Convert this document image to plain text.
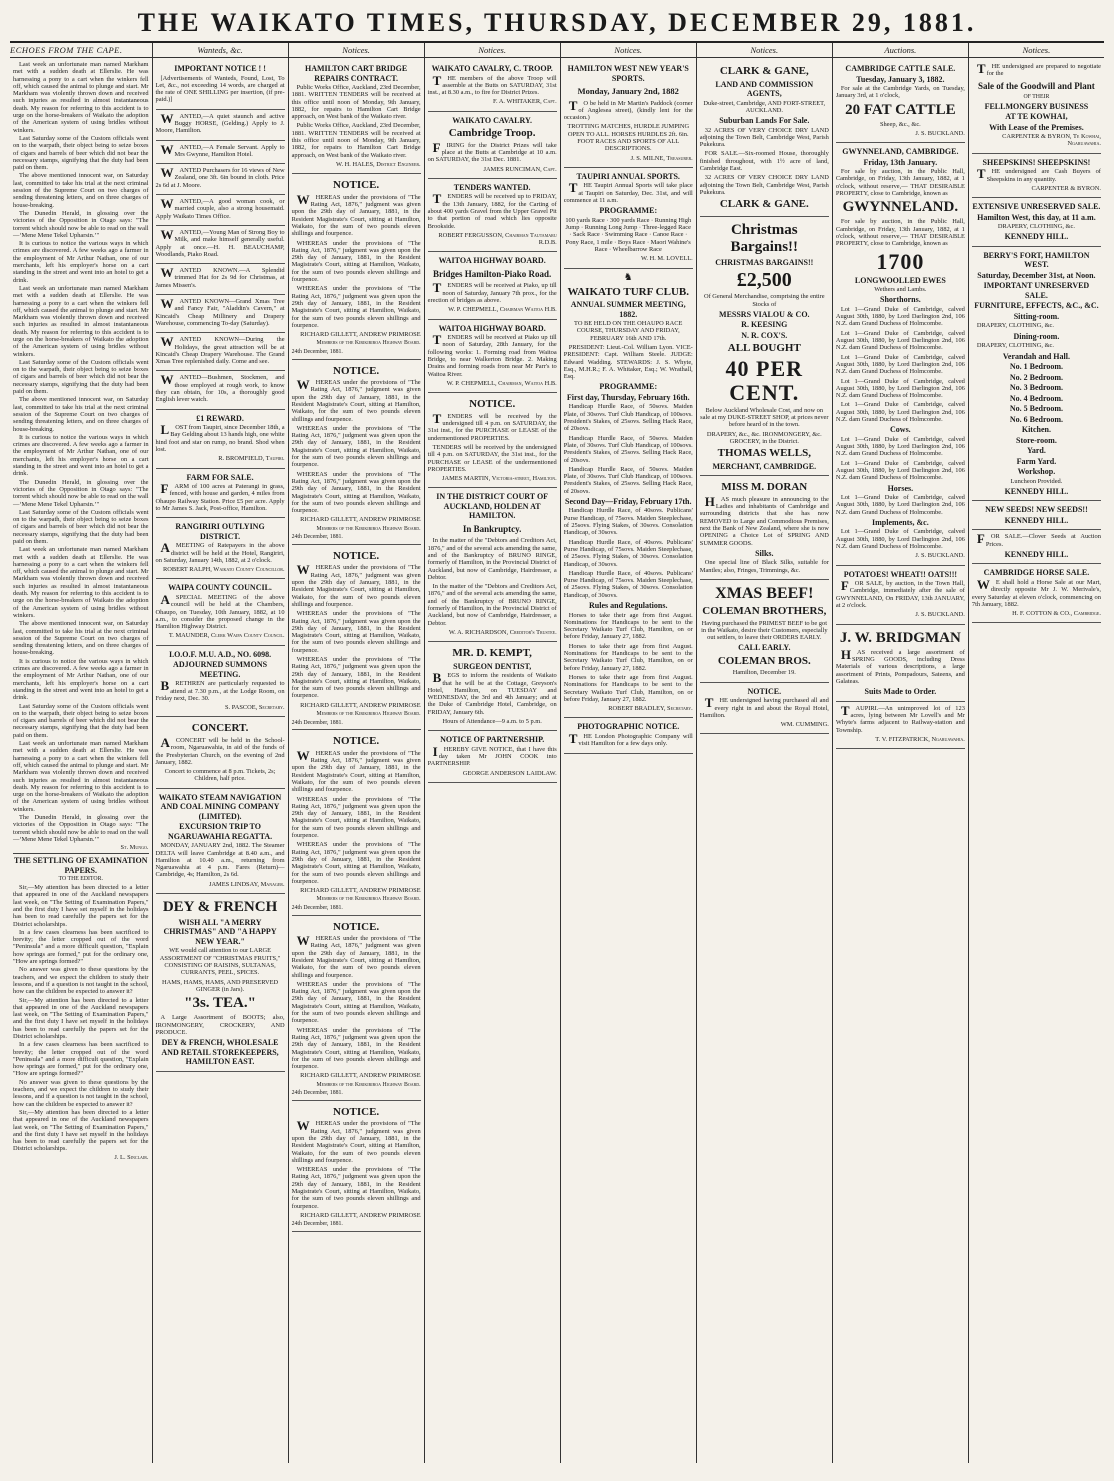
THE WAIKATO TIMES, THURSDAY, DECEMBER 29, 1881.
ECHOES FROM THE CAPE.

Last week an unfortunate man named Markham met with a sudden death at Ellerslie. He was harnessing a pony to a cart when the winkers fell off, which caused the animal to plunge and start. Mr Markham was violently thrown down and received such injuries as resulted in almost instantaneous death. My reason for referring to this accident is to urge on the horse-breakers of Waikato the adoption of the American system of using bridles without winkers.

Last Saturday some of the Custom officials went on to the warpath, their object being to seize boxes of cigars and barrels of beer which did not bear the necessary stamps, signifying that the duty had been paid on them.

The above mentioned innocent war, on Saturday last, committed to take his trial at the next criminal session of the Supreme Court on two charges of sending threatening letters, and on three charges of house-breaking.

The Dunedin Herald, in glossing over the victories of the Opposition in Otago says: "The torrent which should now be able to read on the wall—‘Mene Mene Tekel Upharsin.’"

It is curious to notice the various ways in which crimes are discovered. A few weeks ago a farmer in the employment of Mr Arthur Nathan, one of our merchants, left his employer's horse on a cart standing in the street and went into an hotel to get a drink.

Last week an unfortunate man named Markham met with a sudden death at Ellerslie. He was harnessing a pony to a cart when the winkers fell off, which caused the animal to plunge and start. Mr Markham was violently thrown down and received such injuries as resulted in almost instantaneous death. My reason for referring to this accident is to urge on the horse-breakers of Waikato the adoption of the American system of using bridles without winkers.

Last Saturday some of the Custom officials went on to the warpath, their object being to seize boxes of cigars and barrels of beer which did not bear the necessary stamps, signifying that the duty had been paid on them.

The above mentioned innocent war, on Saturday last, committed to take his trial at the next criminal session of the Supreme Court on two charges of sending threatening letters, and on three charges of house-breaking.

It is curious to notice the various ways in which crimes are discovered. A few weeks ago a farmer in the employment of Mr Arthur Nathan, one of our merchants, left his employer's horse on a cart standing in the street and went into an hotel to get a drink.

The Dunedin Herald, in glossing over the victories of the Opposition in Otago says: "The torrent which should now be able to read on the wall—‘Mene Mene Tekel Upharsin.’"

Last Saturday some of the Custom officials went on to the warpath, their object being to seize boxes of cigars and barrels of beer which did not bear the necessary stamps, signifying that the duty had been paid on them.

Last week an unfortunate man named Markham met with a sudden death at Ellerslie. He was harnessing a pony to a cart when the winkers fell off, which caused the animal to plunge and start. Mr Markham was violently thrown down and received such injuries as resulted in almost instantaneous death. My reason for referring to this accident is to urge on the horse-breakers of Waikato the adoption of the American system of using bridles without winkers.

The above mentioned innocent war, on Saturday last, committed to take his trial at the next criminal session of the Supreme Court on two charges of sending threatening letters, and on three charges of house-breaking.

It is curious to notice the various ways in which crimes are discovered. A few weeks ago a farmer in the employment of Mr Arthur Nathan, one of our merchants, left his employer's horse on a cart standing in the street and went into an hotel to get a drink.

Last Saturday some of the Custom officials went on to the warpath, their object being to seize boxes of cigars and barrels of beer which did not bear the necessary stamps, signifying that the duty had been paid on them.

Last week an unfortunate man named Markham met with a sudden death at Ellerslie. He was harnessing a pony to a cart when the winkers fell off, which caused the animal to plunge and start. Mr Markham was violently thrown down and received such injuries as resulted in almost instantaneous death. My reason for referring to this accident is to urge on the horse-breakers of Waikato the adoption of the American system of using bridles without winkers.

The Dunedin Herald, in glossing over the victories of the Opposition in Otago says: "The torrent which should now be able to read on the wall—‘Mene Mene Tekel Upharsin.’"

St. Mungo.
THE SETTLING OF EXAMINATION PAPERS.
TO THE EDITOR.

Sir,—My attention has been directed to a letter that appeared in one of the Auckland newspapers last week, on "The Setting of Examination Papers," and the first duty I have set myself in the holidays has been to read carefully the papers set for the District scholarships.

In a few cases clearness has been sacrificed to brevity; the letter cropped out of the word "Peninsula" and a more difficult question, "Explain how springs are formed," put for the ordinary one, "How are springs formed?"

No answer was given to these questions by the teachers, and we expect the children to study their lessons, and if a question is not taught in the school, how can the children be expected to answer it?

Sir,—My attention has been directed to a letter that appeared in one of the Auckland newspapers last week, on "The Setting of Examination Papers," and the first duty I have set myself in the holidays has been to read carefully the papers set for the District scholarships.

In a few cases clearness has been sacrificed to brevity; the letter cropped out of the word "Peninsula" and a more difficult question, "Explain how springs are formed," put for the ordinary one, "How are springs formed?"

No answer was given to these questions by the teachers, and we expect the children to study their lessons, and if a question is not taught in the school, how can the children be expected to answer it?

Sir,—My attention has been directed to a letter that appeared in one of the Auckland newspapers last week, on "The Setting of Examination Papers," and the first duty I have set myself in the holidays has been to read carefully the papers set for the District scholarships.

J. L. Sinclair.
Wanteds, &c.
IMPORTANT NOTICE ! !

[Advertisements of Wanteds, Found, Lost, To Let, &c., not exceeding 14 words, are charged at the rate of ONE SHILLING per insertion, (if pre-paid.)]

WANTED,—A quiet staunch and active Buggy HORSE, (Gelding.) Apply to J. Moore, Hamilton.

WANTED,—A Female Servant. Apply to Mrs Gwynne, Hamilton Hotel.

WANTED Purchasers for 16 views of New Zealand, one 3ft. 6in bound in cloth. Price 2s 6d at J. Moore.

WANTED,—A good woman cook, or married couple, also a strong housemaid. Apply Waikato Times Office.

WANTED,—Young Man of Strong Boy to Milk, and make himself generally useful. Apply at once.—H. H. BEAUCHAMP, Woodlands, Piako Road.

WANTED KNOWN.—A Splendid trimmed Hat for 2s 9d for Christmas, at James Missen's.

WANTED KNOWN—Grand Xmas Tree and Fancy Fair, "Aladdin's Cavern," at Kincaid's Cheap Millinery and Drapery Warehouse, commencing To-day (Saturday).

WANTED KNOWN—During the Holidays, the great attraction will be at Kincaid's Cheap Drapery Warehouse. The Grand Xmas Tree replenished daily. Come and see.

WANTED—Bushmen, Stockmen, and those employed at rough work, to know they can obtain, for 10s, a thoroughly good English lever watch.

£1 REWARD.

LOST from Taupiri, since December 18th, a Bay Gelding about 13 hands high, one white hind foot and star on rump, no brand. Shod when lost.

R. BROMFIELD, Taupiri.
FARM FOR SALE.

FARM of 100 acres at Paterangi in grass, fenced, with house and garden, 4 miles from Ohaupo Railway Station. Price £5 per acre. Apply to Mr James S. Jack, Post-office, Hamilton.

RANGIRIRI OUTLYING DISTRICT.

AMEETING of Ratepayers in the above district will be held at the Hotel, Rangiriri, on Saturday, January 14th, 1882, at 2 o'clock.

ROBERT RALPH, Waikato County Councillor.
WAIPA COUNTY COUNCIL.

ASPECIAL MEETING of the above council will be held at the Chambers, Ohaupo, on Tuesday, 10th January, 1882, at 10 a.m., to consider the proposed change in the Hamilton Highway District.

T. MAUNDER, Clerk Waipa County Council.
I.O.O.F. M.U. A.D., NO. 6098.
ADJOURNED SUMMONS MEETING.

BRETHREN are particularly requested to attend at 7.30 p.m., at the Lodge Room, on Friday next, Dec. 30.

S. PASCOE, Secretary.
CONCERT.

ACONCERT will be held in the School-room, Ngaruawahia, in aid of the funds of the Presbyterian Church, on the evening of 2nd January, 1882.

Concert to commence at 8 p.m. Tickets, 2s; Children, half price.

WAIKATO STEAM NAVIGATION AND COAL MINING COMPANY (LIMITED).
EXCURSION TRIP TO NGARUAWAHIA REGATTA.

MONDAY, JANUARY 2nd, 1882. The Steamer DELTA will leave Cambridge at 8.40 a.m., and Hamilton at 10.40 a.m., returning from Ngaruawahia at 4 p.m. Fares (Return)—Cambridge, 4s; Hamilton, 2s 6d.

JAMES LINDSAY, Manager.
DEY & FRENCH
WISH ALL "A MERRY CHRISTMAS" AND "A HAPPY NEW YEAR."

WE would call attention to our LARGE ASSORTMENT OF "CHRISTMAS FRUITS," CONSISTING OF RAISINS, SULTANAS, CURRANTS, PEEL, SPICES.

HAMS, HAMS, HAMS, AND PRESERVED GINGER (in Jars).

"3s. TEA."

A Large Assortment of BOOTS; also, IRONMONGERY, CROCKERY, AND PRODUCE.

DEY & FRENCH, WHOLESALE AND RETAIL STOREKEEPERS, HAMILTON EAST.
Notices.
HAMILTON CART BRIDGE REPAIRS CONTRACT.

Public Works Office, Auckland, 23rd December, 1881. WRITTEN TENDERS will be received at this office until noon of Monday, 9th January, 1882, for repairs to Hamilton Cart Bridge approach, on West bank of the Waikato river.

Public Works Office, Auckland, 23rd December, 1881. WRITTEN TENDERS will be received at this office until noon of Monday, 9th January, 1882, for repairs to Hamilton Cart Bridge approach, on West bank of the Waikato river.

W. H. HALES, District Engineer.
NOTICE.

WHEREAS under the provisions of "The Rating Act, 1876," judgment was given upon the 29th day of January, 1881, in the Resident Magistrate's Court, sitting at Hamilton, Waikato, for the sum of two pounds eleven shillings and fourpence.

WHEREAS under the provisions of "The Rating Act, 1876," judgment was given upon the 29th day of January, 1881, in the Resident Magistrate's Court, sitting at Hamilton, Waikato, for the sum of two pounds eleven shillings and fourpence.

WHEREAS under the provisions of "The Rating Act, 1876," judgment was given upon the 29th day of January, 1881, in the Resident Magistrate's Court, sitting at Hamilton, Waikato, for the sum of two pounds eleven shillings and fourpence.

RICHARD GILLETT, ANDREW PRIMROSE
Members of the Kirikiriroa Highway Board.
24th December, 1881.
NOTICE.

WHEREAS under the provisions of "The Rating Act, 1876," judgment was given upon the 29th day of January, 1881, in the Resident Magistrate's Court, sitting at Hamilton, Waikato, for the sum of two pounds eleven shillings and fourpence.

WHEREAS under the provisions of "The Rating Act, 1876," judgment was given upon the 29th day of January, 1881, in the Resident Magistrate's Court, sitting at Hamilton, Waikato, for the sum of two pounds eleven shillings and fourpence.

WHEREAS under the provisions of "The Rating Act, 1876," judgment was given upon the 29th day of January, 1881, in the Resident Magistrate's Court, sitting at Hamilton, Waikato, for the sum of two pounds eleven shillings and fourpence.

RICHARD GILLETT, ANDREW PRIMROSE
Members of the Kirikiriroa Highway Board.
24th December, 1881.
NOTICE.

WHEREAS under the provisions of "The Rating Act, 1876," judgment was given upon the 29th day of January, 1881, in the Resident Magistrate's Court, sitting at Hamilton, Waikato, for the sum of two pounds eleven shillings and fourpence.

WHEREAS under the provisions of "The Rating Act, 1876," judgment was given upon the 29th day of January, 1881, in the Resident Magistrate's Court, sitting at Hamilton, Waikato, for the sum of two pounds eleven shillings and fourpence.

WHEREAS under the provisions of "The Rating Act, 1876," judgment was given upon the 29th day of January, 1881, in the Resident Magistrate's Court, sitting at Hamilton, Waikato, for the sum of two pounds eleven shillings and fourpence.

RICHARD GILLETT, ANDREW PRIMROSE
Members of the Kirikiriroa Highway Board.
24th December, 1881.
NOTICE.

WHEREAS under the provisions of "The Rating Act, 1876," judgment was given upon the 29th day of January, 1881, in the Resident Magistrate's Court, sitting at Hamilton, Waikato, for the sum of two pounds eleven shillings and fourpence.

WHEREAS under the provisions of "The Rating Act, 1876," judgment was given upon the 29th day of January, 1881, in the Resident Magistrate's Court, sitting at Hamilton, Waikato, for the sum of two pounds eleven shillings and fourpence.

WHEREAS under the provisions of "The Rating Act, 1876," judgment was given upon the 29th day of January, 1881, in the Resident Magistrate's Court, sitting at Hamilton, Waikato, for the sum of two pounds eleven shillings and fourpence.

RICHARD GILLETT, ANDREW PRIMROSE
Members of the Kirikiriroa Highway Board.
24th December, 1881.
NOTICE.

WHEREAS under the provisions of "The Rating Act, 1876," judgment was given upon the 29th day of January, 1881, in the Resident Magistrate's Court, sitting at Hamilton, Waikato, for the sum of two pounds eleven shillings and fourpence.

WHEREAS under the provisions of "The Rating Act, 1876," judgment was given upon the 29th day of January, 1881, in the Resident Magistrate's Court, sitting at Hamilton, Waikato, for the sum of two pounds eleven shillings and fourpence.

WHEREAS under the provisions of "The Rating Act, 1876," judgment was given upon the 29th day of January, 1881, in the Resident Magistrate's Court, sitting at Hamilton, Waikato, for the sum of two pounds eleven shillings and fourpence.

RICHARD GILLETT, ANDREW PRIMROSE
Members of the Kirikiriroa Highway Board.
24th December, 1881.
NOTICE.

WHEREAS under the provisions of "The Rating Act, 1876," judgment was given upon the 29th day of January, 1881, in the Resident Magistrate's Court, sitting at Hamilton, Waikato, for the sum of two pounds eleven shillings and fourpence.

WHEREAS under the provisions of "The Rating Act, 1876," judgment was given upon the 29th day of January, 1881, in the Resident Magistrate's Court, sitting at Hamilton, Waikato, for the sum of two pounds eleven shillings and fourpence.

RICHARD GILLETT, ANDREW PRIMROSE
24th December, 1881.
Notices.
WAIKATO CAVALRY, C. TROOP.

THE members of the above Troop will assemble at the Butts on SATURDAY, 31st inst., at 8.30 a.m., to fire for District Prizes.

F. A. WHITAKER, Capt.
WAIKATO CAVALRY.
Cambridge Troop.

FIRING for the District Prizes will take place at the Butts at Cambridge at 10 a.m. on SATURDAY, the 31st Dec. 1881.

JAMES RUNCIMAN, Capt.
TENDERS WANTED.

TENDERS will be received up to FRIDAY, the 13th January, 1882, for the Carting of about 400 yards Gravel from the Upper Gravel Pit to that portion of road which lies opposite Brookside.

ROBERT FERGUSSON, Chairman Tautamaru R.D.B.
WAITOA HIGHWAY BOARD.
Bridges Hamilton-Piako Road.

TENDERS will be received at Piako, up till noon of Saturday, January 7th prox., for the erection of bridges as above.

W. P. CHEPMELL, Chairman Waitoa H.B.
WAITOA HIGHWAY BOARD.

TENDERS will be received at Piako up till noon of Saturday, 28th January, for the following works: 1. Forming road from Waitoa Bridge, to near Walkerton Bridge. 2. Making Drains and forming roads from near Mr Parr's to Waitoa River.

W. P. CHEPMELL, Chairman, Waitoa H.B.
NOTICE.

TENDERS will be received by the undersigned till 4 p.m. on SATURDAY, the 31st inst., for the PURCHASE or LEASE of the undermentioned PROPERTIES.

TENDERS will be received by the undersigned till 4 p.m. on SATURDAY, the 31st inst., for the PURCHASE or LEASE of the undermentioned PROPERTIES.

JAMES MARTIN, Victoria-street, Hamilton.
IN THE DISTRICT COURT OF AUCKLAND, HOLDEN AT HAMILTON.
In Bankruptcy.

In the matter of the "Debtors and Creditors Act, 1876," and of the several acts amending the same, and of the Bankruptcy of BRUNO RINGE, formerly of Hamilton, in the Provincial District of Auckland, but now of Cambridge, Hairdresser, a Debtor.

In the matter of the "Debtors and Creditors Act, 1876," and of the several acts amending the same, and of the Bankruptcy of BRUNO RINGE, formerly of Hamilton, in the Provincial District of Auckland, but now of Cambridge, Hairdresser, a Debtor.

W. A. RICHARDSON, Creditor's Trustee.
MR. D. KEMPT,
SURGEON DENTIST,

BEGS to inform the residents of Waikato that he will be at the Cottage, Greyson's Hotel, Hamilton, on TUESDAY and WEDNESDAY, the 3rd and 4th January; and at the Duke of Cambridge Hotel, Cambridge, on FRIDAY, January 6th.

Hours of Attendance—9 a.m. to 5 p.m.

NOTICE OF PARTNERSHIP.

IHEREBY GIVE NOTICE, that I have this day taken Mr JOHN COOK into PARTNERSHIP.

GEORGE ANDERSON LAIDLAW.
Notices.
HAMILTON WEST NEW YEAR'S SPORTS.
Monday, January 2nd, 1882

TO be held in Mr Martin's Paddock (corner of Anglesea street), (kindly lent for the occasion.)

TROTTING MATCHES, HURDLE JUMPING OPEN TO ALL. HORSES HURDLES 2ft. 6in. FOOT RACES AND SPORTS OF ALL DESCRIPTIONS.

J. S. MILNE, Treasurer.
TAUPIRI ANNUAL SPORTS.

THE Taupiri Annual Sports will take place at Taupiri on Saturday, Dec. 31st, and will commence at 11 a.m.

PROGRAMME:

100 yards Race · 300 yards Race · Running High Jump · Running Long Jump · Three-legged Race · Sack Race · Swimming Race · Canoe Race · Pony Race, 1 mile · Boys Race · Maori Wahine's Race · Wheelbarrow Race

W. H. M. LOVELL.
♞
WAIKATO TURF CLUB.
ANNUAL SUMMER MEETING, 1882.

TO BE HELD ON THE OHAUPO RACE COURSE, THURSDAY AND FRIDAY, FEBRUARY 16th AND 17th.

PRESIDENT: Lieut.-Col. William Lyon. VICE-PRESIDENT: Capt. William Steele. JUDGE: Edward Wadding. STEWARDS: J. S. Whyte, Esq., M.H.R.; F. A. Whitaker, Esq.; W. Wrathall, Esq.

PROGRAMME:
First day, Thursday, February 16th.

Handicap Hurdle Race, of 50sovs. Maiden Plate, of 30sovs. Turf Club Handicap, of 100sovs. President's Stakes, of 25sovs. Selling Hack Race, of 20sovs.

Handicap Hurdle Race, of 50sovs. Maiden Plate, of 30sovs. Turf Club Handicap, of 100sovs. President's Stakes, of 25sovs. Selling Hack Race, of 20sovs.

Handicap Hurdle Race, of 50sovs. Maiden Plate, of 30sovs. Turf Club Handicap, of 100sovs. President's Stakes, of 25sovs. Selling Hack Race, of 20sovs.

Second Day—Friday, February 17th.

Handicap Hurdle Race, of 40sovs. Publicans' Purse Handicap, of 75sovs. Maiden Steeplechase, of 25sovs. Flying Stakes, of 30sovs. Consolation Handicap, of 30sovs.

Handicap Hurdle Race, of 40sovs. Publicans' Purse Handicap, of 75sovs. Maiden Steeplechase, of 25sovs. Flying Stakes, of 30sovs. Consolation Handicap, of 30sovs.

Handicap Hurdle Race, of 40sovs. Publicans' Purse Handicap, of 75sovs. Maiden Steeplechase, of 25sovs. Flying Stakes, of 30sovs. Consolation Handicap, of 30sovs.

Rules and Regulations.

Horses to take their age from first August. Nominations for Handicaps to be sent to the Secretary Waikato Turf Club, Hamilton, on or before Friday, January 27, 1882.

Horses to take their age from first August. Nominations for Handicaps to be sent to the Secretary Waikato Turf Club, Hamilton, on or before Friday, January 27, 1882.

Horses to take their age from first August. Nominations for Handicaps to be sent to the Secretary Waikato Turf Club, Hamilton, on or before Friday, January 27, 1882.

ROBERT BRADLEY, Secretary.
PHOTOGRAPHIC NOTICE.

THE London Photographic Company will visit Hamilton for a few days only.

Notices.
CLARK & GANE,
LAND AND COMMISSION AGENTS,

Duke-street, Cambridge, AND FORT-STREET, AUCKLAND.

Suburban Lands For Sale.

32 ACRES OF VERY CHOICE DRY LAND adjoining the Town Belt, Cambridge West, Parish Pukekura.

FOR SALE.—Six-roomed House, thoroughly finished throughout, with 1½ acre of land, Cambridge East.

32 ACRES OF VERY CHOICE DRY LAND adjoining the Town Belt, Cambridge West, Parish Pukekura.

CLARK & GANE.
Christmas Bargains!!
CHRISTMAS BARGAINS!!
£2,500

Of General Merchandise, comprising the entire Stocks of

MESSRS VIALOU & CO.
R. KEESING
N. R. COX'S.
ALL BOUGHT
40 PER CENT.

Below Auckland Wholesale Cost, and now on sale at my DUKE-STREET SHOP, at prices never before heard of in the town.

DRAPERY, &c., &c. IRONMONGERY, &c. GROCERY, in the District.

THOMAS WELLS,
MERCHANT, CAMBRIDGE.
MISS M. DORAN

HAS much pleasure in announcing to the Ladies and inhabitants of Cambridge and surrounding districts that she has now REMOVED to Large and Commodious Premises, next the Bank of New Zealand, where she is now OPENING a Choice Lot of SPRING AND SUMMER GOODS.

Silks.

One special line of Black Silks, suitable for Mantles; also, Fringes, Trimmings, &c.

XMAS BEEF!
COLEMAN BROTHERS,

Having purchased the PRIMEST BEEF to be got in the Waikato, desire their Customers, especially out settlers, to leave their ORDERS EARLY.

CALL EARLY.
COLEMAN BROS.

Hamilton, December 19.

NOTICE.

THE undersigned having purchased all and every right in and about the Royal Hotel, Hamilton.

WM. CUMMING.
Auctions.
CAMBRIDGE CATTLE SALE.
Tuesday, January 3, 1882.

For sale at the Cambridge Yards, on Tuesday, January 3rd, at 1 o'clock,

20 FAT CATTLE

Sheep, &c., &c.

J. S. BUCKLAND.
GWYNNELAND, CAMBRIDGE.
Friday, 13th January.

For sale by auction, in the Public Hall, Cambridge, on Friday, 13th January, 1882, at 1 o'clock, without reserve,— THAT DESIRABLE PROPERTY, close to Cambridge, known as

GWYNNELAND.

For sale by auction, in the Public Hall, Cambridge, on Friday, 13th January, 1882, at 1 o'clock, without reserve,— THAT DESIRABLE PROPERTY, close to Cambridge, known as

1700
LONGWOOLLED EWES

Wethers and Lambs.

Shorthorns.

Lot 1—Grand Duke of Cambridge, calved August 30th, 1880, by Lord Darlington 2nd, 106 N.Z. dam Grand Duchess of Holmcombe.

Lot 1—Grand Duke of Cambridge, calved August 30th, 1880, by Lord Darlington 2nd, 106 N.Z. dam Grand Duchess of Holmcombe.

Lot 1—Grand Duke of Cambridge, calved August 30th, 1880, by Lord Darlington 2nd, 106 N.Z. dam Grand Duchess of Holmcombe.

Lot 1—Grand Duke of Cambridge, calved August 30th, 1880, by Lord Darlington 2nd, 106 N.Z. dam Grand Duchess of Holmcombe.

Lot 1—Grand Duke of Cambridge, calved August 30th, 1880, by Lord Darlington 2nd, 106 N.Z. dam Grand Duchess of Holmcombe.

Cows.

Lot 1—Grand Duke of Cambridge, calved August 30th, 1880, by Lord Darlington 2nd, 106 N.Z. dam Grand Duchess of Holmcombe.

Lot 1—Grand Duke of Cambridge, calved August 30th, 1880, by Lord Darlington 2nd, 106 N.Z. dam Grand Duchess of Holmcombe.

Horses.

Lot 1—Grand Duke of Cambridge, calved August 30th, 1880, by Lord Darlington 2nd, 106 N.Z. dam Grand Duchess of Holmcombe.

Implements, &c.

Lot 1—Grand Duke of Cambridge, calved August 30th, 1880, by Lord Darlington 2nd, 106 N.Z. dam Grand Duchess of Holmcombe.

J. S. BUCKLAND.
POTATOES! WHEAT!! OATS!!!

FOR SALE, by auction, in the Town Hall, Cambridge, immediately after the sale of GWYNNELAND, On FRIDAY, 13th JANUARY, at 2 o'clock.

J. S. BUCKLAND.
J. W. BRIDGMAN

HAS received a large assortment of SPRING GOODS, including Dress Materials of various descriptions, a large assortment of Prints, Pompadours, Sateens, and Galateas.

Suits Made to Order.

TAUPIRI.—An unimproved lot of 123 acres, lying between Mr Lovell's and Mr Whyte's farms adjacent to Railway-station and Township.

T. V. FITZPATRICK, Ngaruawahia.
Notices.

THE undersigned are prepared to negotiate for the

Sale of the Goodwill and Plant
OF THEIR
FELLMONGERY BUSINESS
AT TE KOWHAI,
With Lease of the Premises.
CARPENTER & BYRON, Te Kowhai, Ngaruawahia.
SHEEPSKINS! SHEEPSKINS!

THE undersigned are Cash Buyers of Sheepskins in any quantity.

CARPENTER & BYRON.
EXTENSIVE UNRESERVED SALE.
Hamilton West, this day, at 11 a.m.

DRAPERY, CLOTHING, &c.

KENNEDY HILL.
BERRY'S FORT, HAMILTON WEST.
Saturday, December 31st, at Noon.
IMPORTANT UNRESERVED SALE.
FURNITURE, EFFECTS, &C., &C.
Sitting-room.

DRAPERY, CLOTHING, &c.

Dining-room.

DRAPERY, CLOTHING, &c.

Verandah and Hall.
No. 1 Bedroom.
No. 2 Bedroom.
No. 3 Bedroom.
No. 4 Bedroom.
No. 5 Bedroom.
No. 6 Bedroom.
Kitchen.
Store-room.
Yard.
Farm Yard.
Workshop.

Luncheon Provided.

KENNEDY HILL.
NEW SEEDS! NEW SEEDS!!
KENNEDY HILL.

FOR SALE.—Clover Seeds at Auction Prices.

KENNEDY HILL.
CAMBRIDGE HORSE SALE.

WE shall hold a Horse Sale at our Mart, directly opposite Mr J. W. Merivale's, every Saturday at eleven o'clock, commencing on 7th January, 1882.

H. F. COTTON & CO., Cambridge.
